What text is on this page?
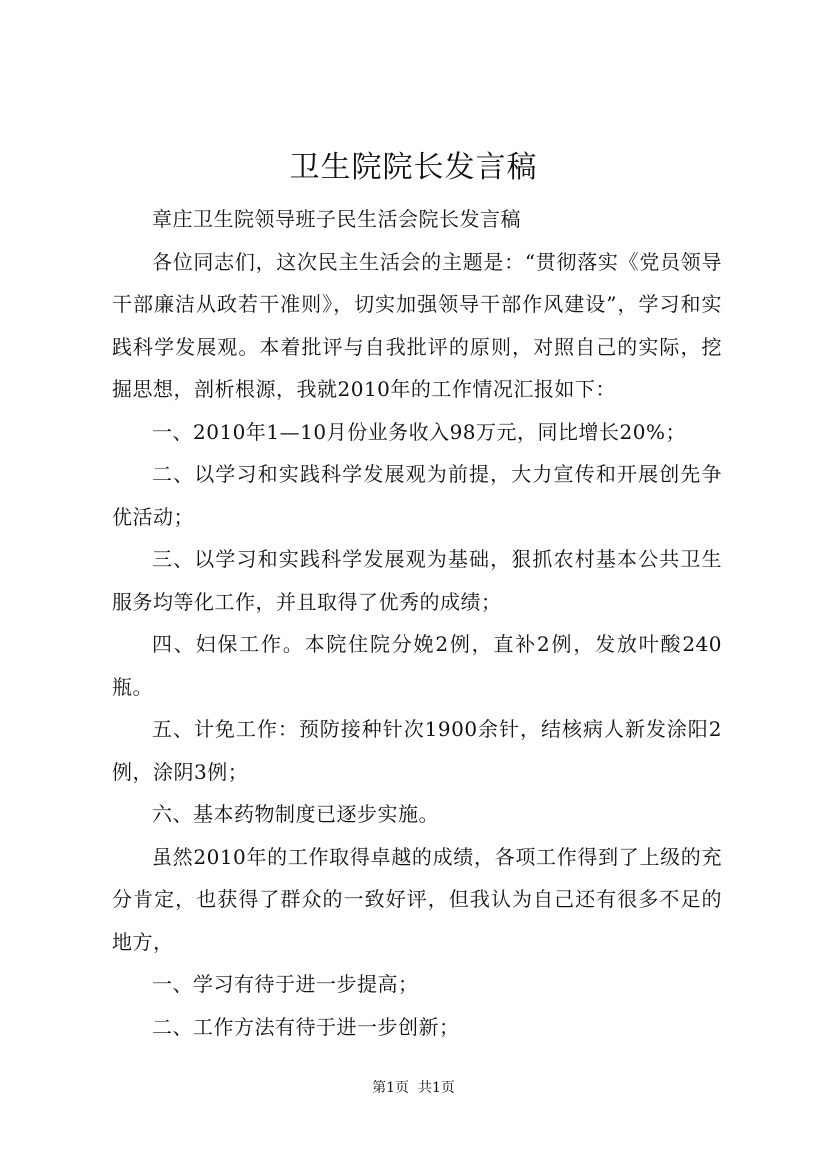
卫生院院长发言稿

章庄卫生院领导班子民生活会院长发言稿

各位同志们，这次民主生活会的主题是：“贯彻落实《党员领导干部廉洁从政若干准则》，切实加强领导干部作风建设”，学习和实践科学发展观。本着批评与自我批评的原则，对照自己的实际，挖掘思想，剖析根源，我就2010年的工作情况汇报如下：

一、2010年1—10月份业务收入98万元，同比增长20%；

二、以学习和实践科学发展观为前提，大力宣传和开展创先争优活动；

三、以学习和实践科学发展观为基础，狠抓农村基本公共卫生服务均等化工作，并且取得了优秀的成绩；

四、妇保工作。本院住院分娩2例，直补2例，发放叶酸240瓶。

五、计免工作：预防接种针次1900余针，结核病人新发涂阳2例，涂阴3例；

六、基本药物制度已逐步实施。

虽然2010年的工作取得卓越的成绩，各项工作得到了上级的充分肯定，也获得了群众的一致好评，但我认为自己还有很多不足的地方，

一、学习有待于进一步提高；

二、工作方法有待于进一步创新；

第1页  共1页
